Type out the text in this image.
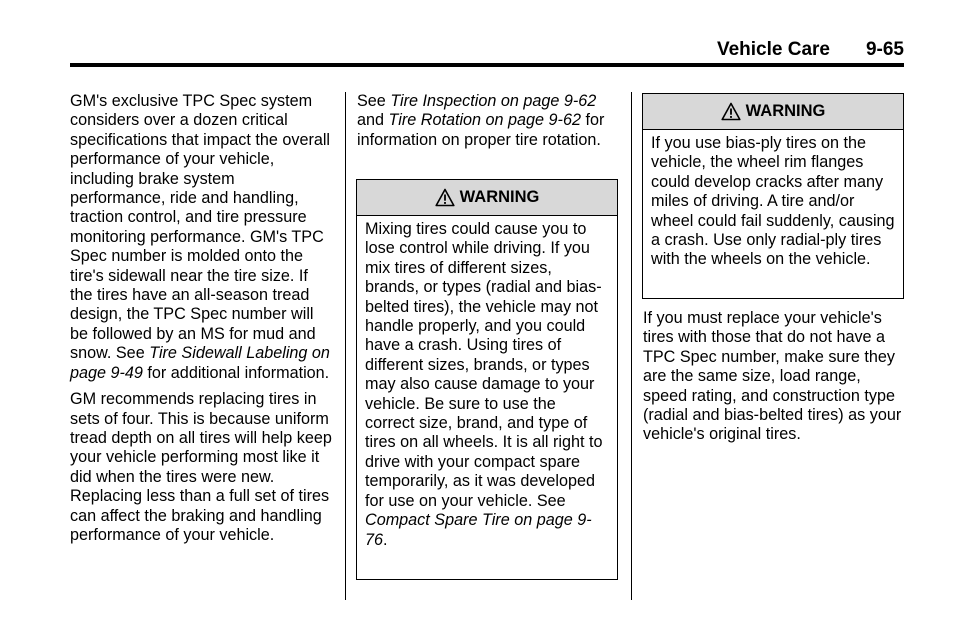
Vehicle Care	9-65

GM's exclusive TPC Spec system considers over a dozen critical specifications that impact the overall performance of your vehicle, including brake system performance, ride and handling, traction control, and tire pressure monitoring performance. GM's TPC Spec number is molded onto the tire's sidewall near the tire size. If the tires have an all-season tread design, the TPC Spec number will be followed by an MS for mud and snow. See Tire Sidewall Labeling on page 9-49 for additional information.

GM recommends replacing tires in sets of four. This is because uniform tread depth on all tires will help keep your vehicle performing most like it did when the tires were new. Replacing less than a full set of tires can affect the braking and handling performance of your vehicle.

See Tire Inspection on page 9-62 and Tire Rotation on page 9-62 for information on proper tire rotation.

WARNING
Mixing tires could cause you to lose control while driving. If you mix tires of different sizes, brands, or types (radial and bias-belted tires), the vehicle may not handle properly, and you could have a crash. Using tires of different sizes, brands, or types may also cause damage to your vehicle. Be sure to use the correct size, brand, and type of tires on all wheels. It is all right to drive with your compact spare temporarily, as it was developed for use on your vehicle. See Compact Spare Tire on page 9-76.
WARNING
If you use bias-ply tires on the vehicle, the wheel rim flanges could develop cracks after many miles of driving. A tire and/or wheel could fail suddenly, causing a crash. Use only radial-ply tires with the wheels on the vehicle.

If you must replace your vehicle's tires with those that do not have a TPC Spec number, make sure they are the same size, load range, speed rating, and construction type (radial and bias-belted tires) as your vehicle's original tires.
